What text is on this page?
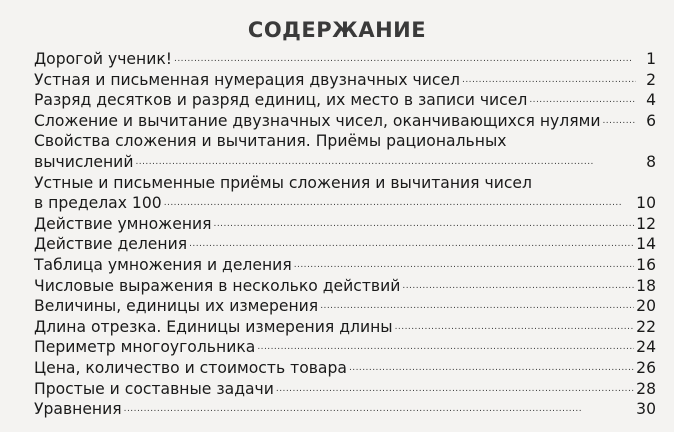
СОДЕРЖАНИЕ
Дорогой ученик! . . .	1
Устная и письменная нумерация двузначных чисел . . .	2
Разряд десятков и разряд единиц, их место в записи чисел . . .	4
Сложение и вычитание двузначных чисел, оканчивающихся нулями . . .	6
Свойства сложения и вычитания. Приёмы рациональных
вычислений . . .	8
Устные и письменные приёмы сложения и вычитания чисел
в пределах 100 . . .	10
Действие умножения . . .	12
Действие деления . . .	14
Таблица умножения и деления . . .	16
Числовые выражения в несколько действий . . .	18
Величины, единицы их измерения . . .	20
Длина отрезка. Единицы измерения длины . . .	22
Периметр многоугольника . . .	24
Цена, количество и стоимость товара . . .	26
Простые и составные задачи . . .	28
Уравнения . . .	30
